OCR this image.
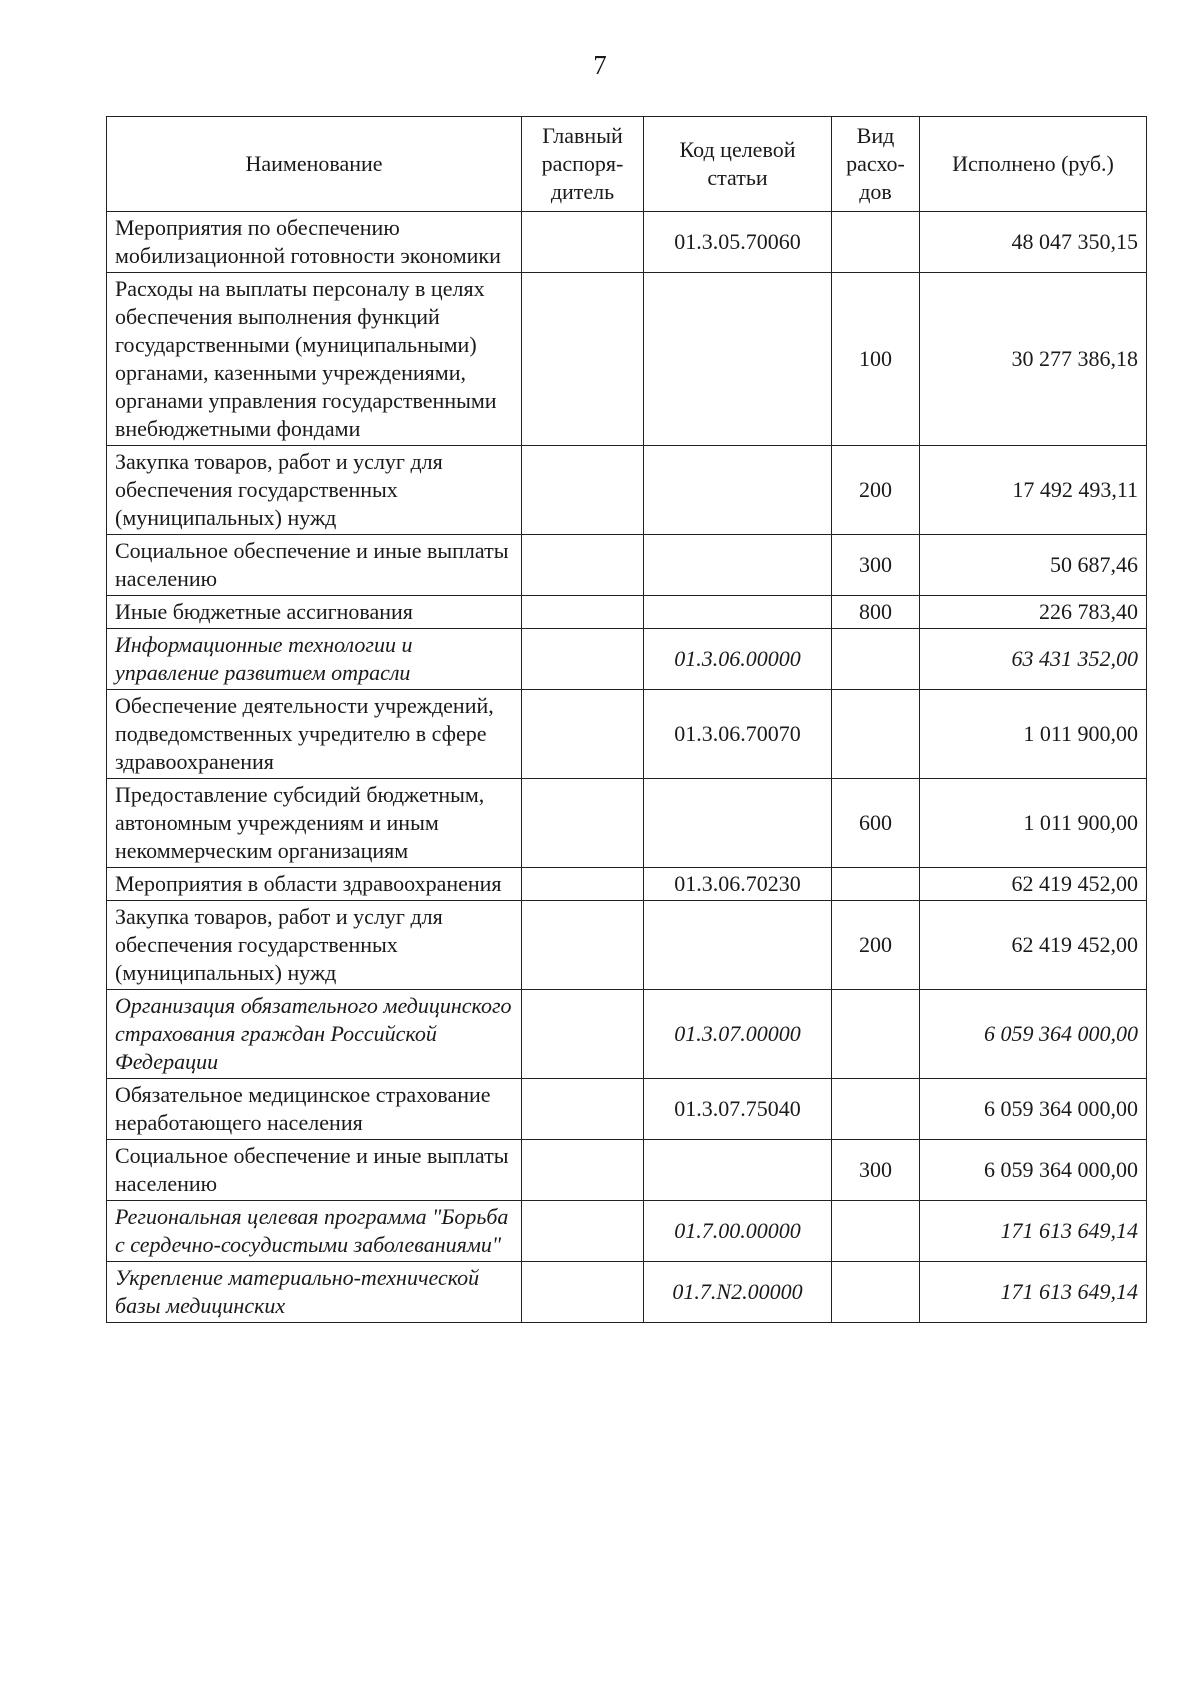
7
Наименование	Главный распоря-дитель	Код целевой статьи	Вид расхо-дов	Исполнено (руб.)
Мероприятия по обеспечению мобилизационной готовности экономики		01.3.05.70060		48 047 350,15
Расходы на выплаты персоналу в целях обеспечения выполнения функций государственными (муниципальными) органами, казенными учреждениями, органами управления государственными внебюджетными фондами			100	30 277 386,18
Закупка товаров, работ и услуг для обеспечения государственных (муниципальных) нужд			200	17 492 493,11
Социальное обеспечение и иные выплаты населению			300	50 687,46
Иные бюджетные ассигнования			800	226 783,40
Информационные технологии и управление развитием отрасли		01.3.06.00000		63 431 352,00
Обеспечение деятельности учреждений, подведомственных учредителю в сфере здравоохранения		01.3.06.70070		1 011 900,00
Предоставление субсидий бюджетным, автономным учреждениям и иным некоммерческим организациям			600	1 011 900,00
Мероприятия в области здравоохранения		01.3.06.70230		62 419 452,00
Закупка товаров, работ и услуг для обеспечения государственных (муниципальных) нужд			200	62 419 452,00
Организация обязательного медицинского страхования граждан Российской Федерации		01.3.07.00000		6 059 364 000,00
Обязательное медицинское страхование неработающего населения		01.3.07.75040		6 059 364 000,00
Социальное обеспечение и иные выплаты населению			300	6 059 364 000,00
Региональная целевая программа "Борьба с сердечно-сосудистыми заболеваниями"		01.7.00.00000		171 613 649,14
Укрепление материально-технической базы медицинских		01.7.N2.00000		171 613 649,14
